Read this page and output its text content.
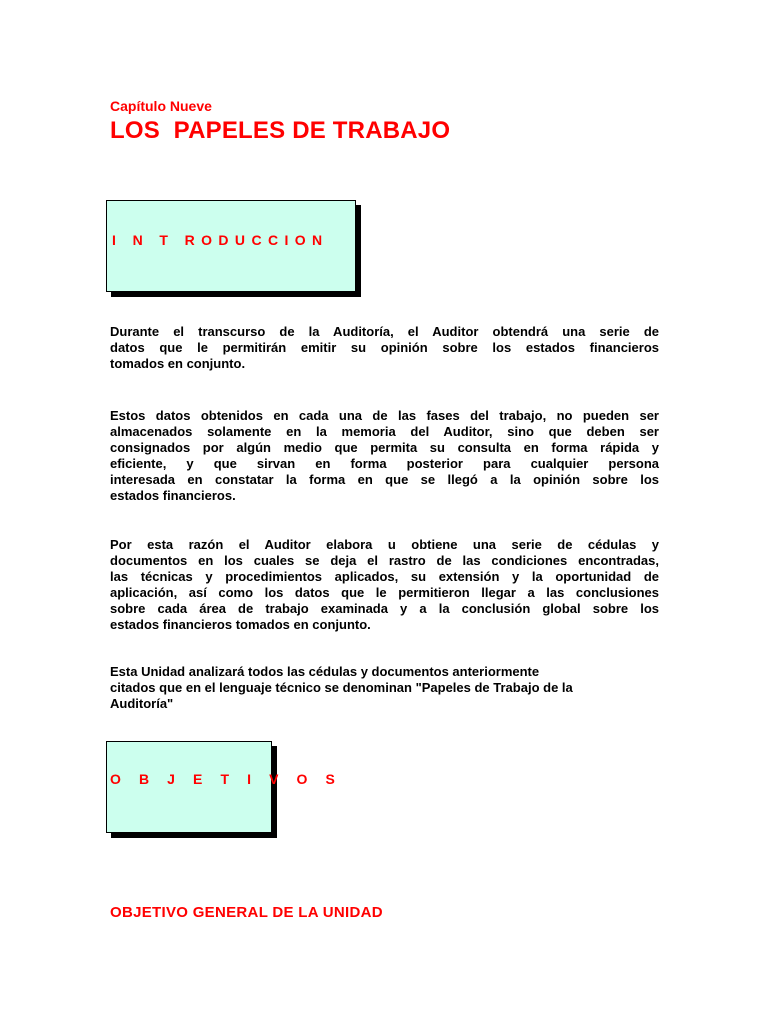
Capítulo Nueve
LOS  PAPELES DE TRABAJO
I N T RODUCCION
Durante el transcurso de la Auditoría, el Auditor obtendrá una serie de
datos que le permitirán emitir su opinión sobre los estados financieros
tomados en conjunto.
Estos datos obtenidos en cada una de las fases del trabajo, no pueden ser
almacenados solamente en la memoria del Auditor, sino que deben ser
consignados por algún medio que permita su consulta en forma rápida y
eficiente, y que sirvan en forma posterior para cualquier persona
interesada en constatar la forma en que se llegó a la opinión sobre los
estados financieros.
Por esta razón el Auditor elabora u obtiene una serie de cédulas y
documentos en los cuales se deja el rastro de las condiciones encontradas,
las técnicas y procedimientos aplicados, su extensión y la oportunidad de
aplicación, así como los datos que le permitieron llegar a las conclusiones
sobre cada área de trabajo examinada y a la conclusión global sobre los
estados financieros tomados en conjunto.
Esta Unidad analizará todos las cédulas y documentos anteriormente
citados que en el lenguaje técnico se denominan "Papeles de Trabajo de la
Auditoría"
O B J E T I V O S
OBJETIVO GENERAL DE LA UNIDAD
